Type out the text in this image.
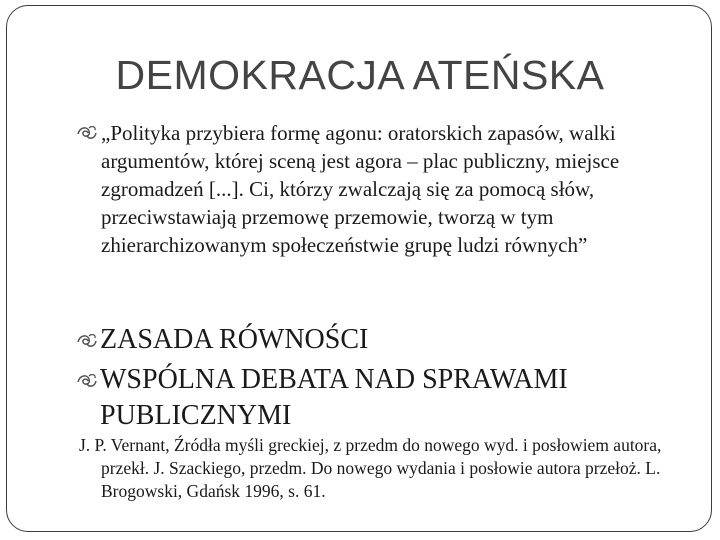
DEMOKRACJA ATEŃSKA
„Polityka przybiera formę agonu: oratorskich zapasów, walki argumentów, której sceną jest agora – plac publiczny, miejsce zgromadzeń [...]. Ci, którzy zwalczają się za pomocą słów, przeciwstawiają przemowę przemowie, tworzą w tym zhierarchizowanym społeczeństwie grupę ludzi równych”
ZASADA RÓWNOŚCI
WSPÓLNA DEBATA NAD SPRAWAMI PUBLICZNYMI
J. P. Vernant, Źródła myśli greckiej, z przedm do nowego wyd. i posłowiem autora, przekł. J. Szackiego, przedm. Do nowego wydania i posłowie autora przełoż. L. Brogowski, Gdańsk 1996, s. 61.
